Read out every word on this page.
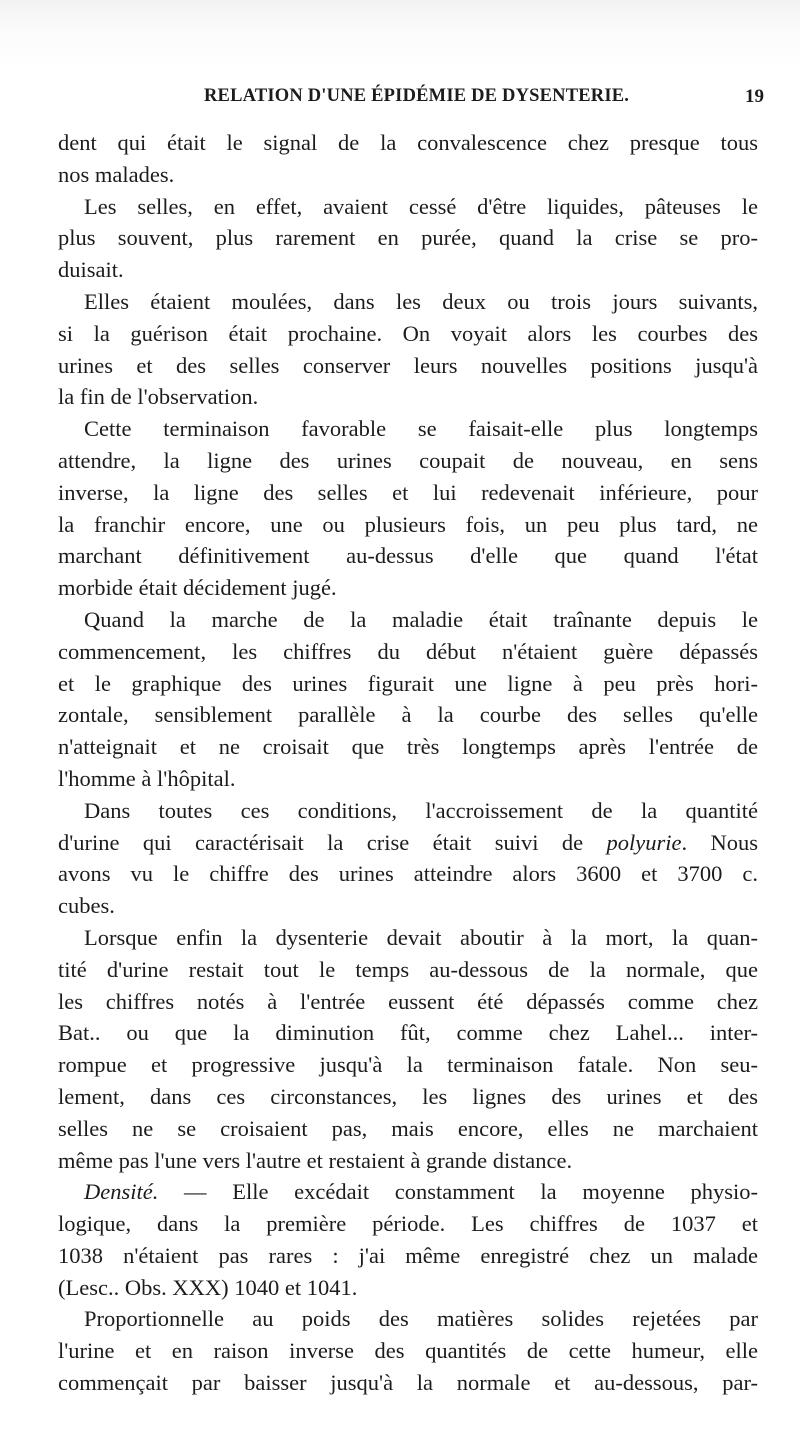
RELATION D'UNE ÉPIDÉMIE DE DYSENTERIE.	19
dent qui était le signal de la convalescence chez presque tous
nos malades.
Les selles, en effet, avaient cessé d'être liquides, pâteuses le
plus souvent, plus rarement en purée, quand la crise se pro-
duisait.
Elles étaient moulées, dans les deux ou trois jours suivants,
si la guérison était prochaine. On voyait alors les courbes des
urines et des selles conserver leurs nouvelles positions jusqu'à
la fin de l'observation.
Cette terminaison favorable se faisait-elle plus longtemps
attendre, la ligne des urines coupait de nouveau, en sens
inverse, la ligne des selles et lui redevenait inférieure, pour
la franchir encore, une ou plusieurs fois, un peu plus tard, ne
marchant définitivement au-dessus d'elle que quand l'état
morbide était décidement jugé.
Quand la marche de la maladie était traînante depuis le
commencement, les chiffres du début n'étaient guère dépassés
et le graphique des urines figurait une ligne à peu près hori-
zontale, sensiblement parallèle à la courbe des selles qu'elle
n'atteignait et ne croisait que très longtemps après l'entrée de
l'homme à l'hôpital.
Dans toutes ces conditions, l'accroissement de la quantité
d'urine qui caractérisait la crise était suivi de polyurie. Nous
avons vu le chiffre des urines atteindre alors 3600 et 3700 c.
cubes.
Lorsque enfin la dysenterie devait aboutir à la mort, la quan-
tité d'urine restait tout le temps au-dessous de la normale, que
les chiffres notés à l'entrée eussent été dépassés comme chez
Bat.. ou que la diminution fût, comme chez Lahel... inter-
rompue et progressive jusqu'à la terminaison fatale. Non seu-
lement, dans ces circonstances, les lignes des urines et des
selles ne se croisaient pas, mais encore, elles ne marchaient
même pas l'une vers l'autre et restaient à grande distance.
Densité. — Elle excédait constamment la moyenne physio-
logique, dans la première période. Les chiffres de 1037 et
1038 n'étaient pas rares : j'ai même enregistré chez un malade
(Lesc.. Obs. XXX) 1040 et 1041.
Proportionnelle au poids des matières solides rejetées par
l'urine et en raison inverse des quantités de cette humeur, elle
commençait par baisser jusqu'à la normale et au-dessous, par-
